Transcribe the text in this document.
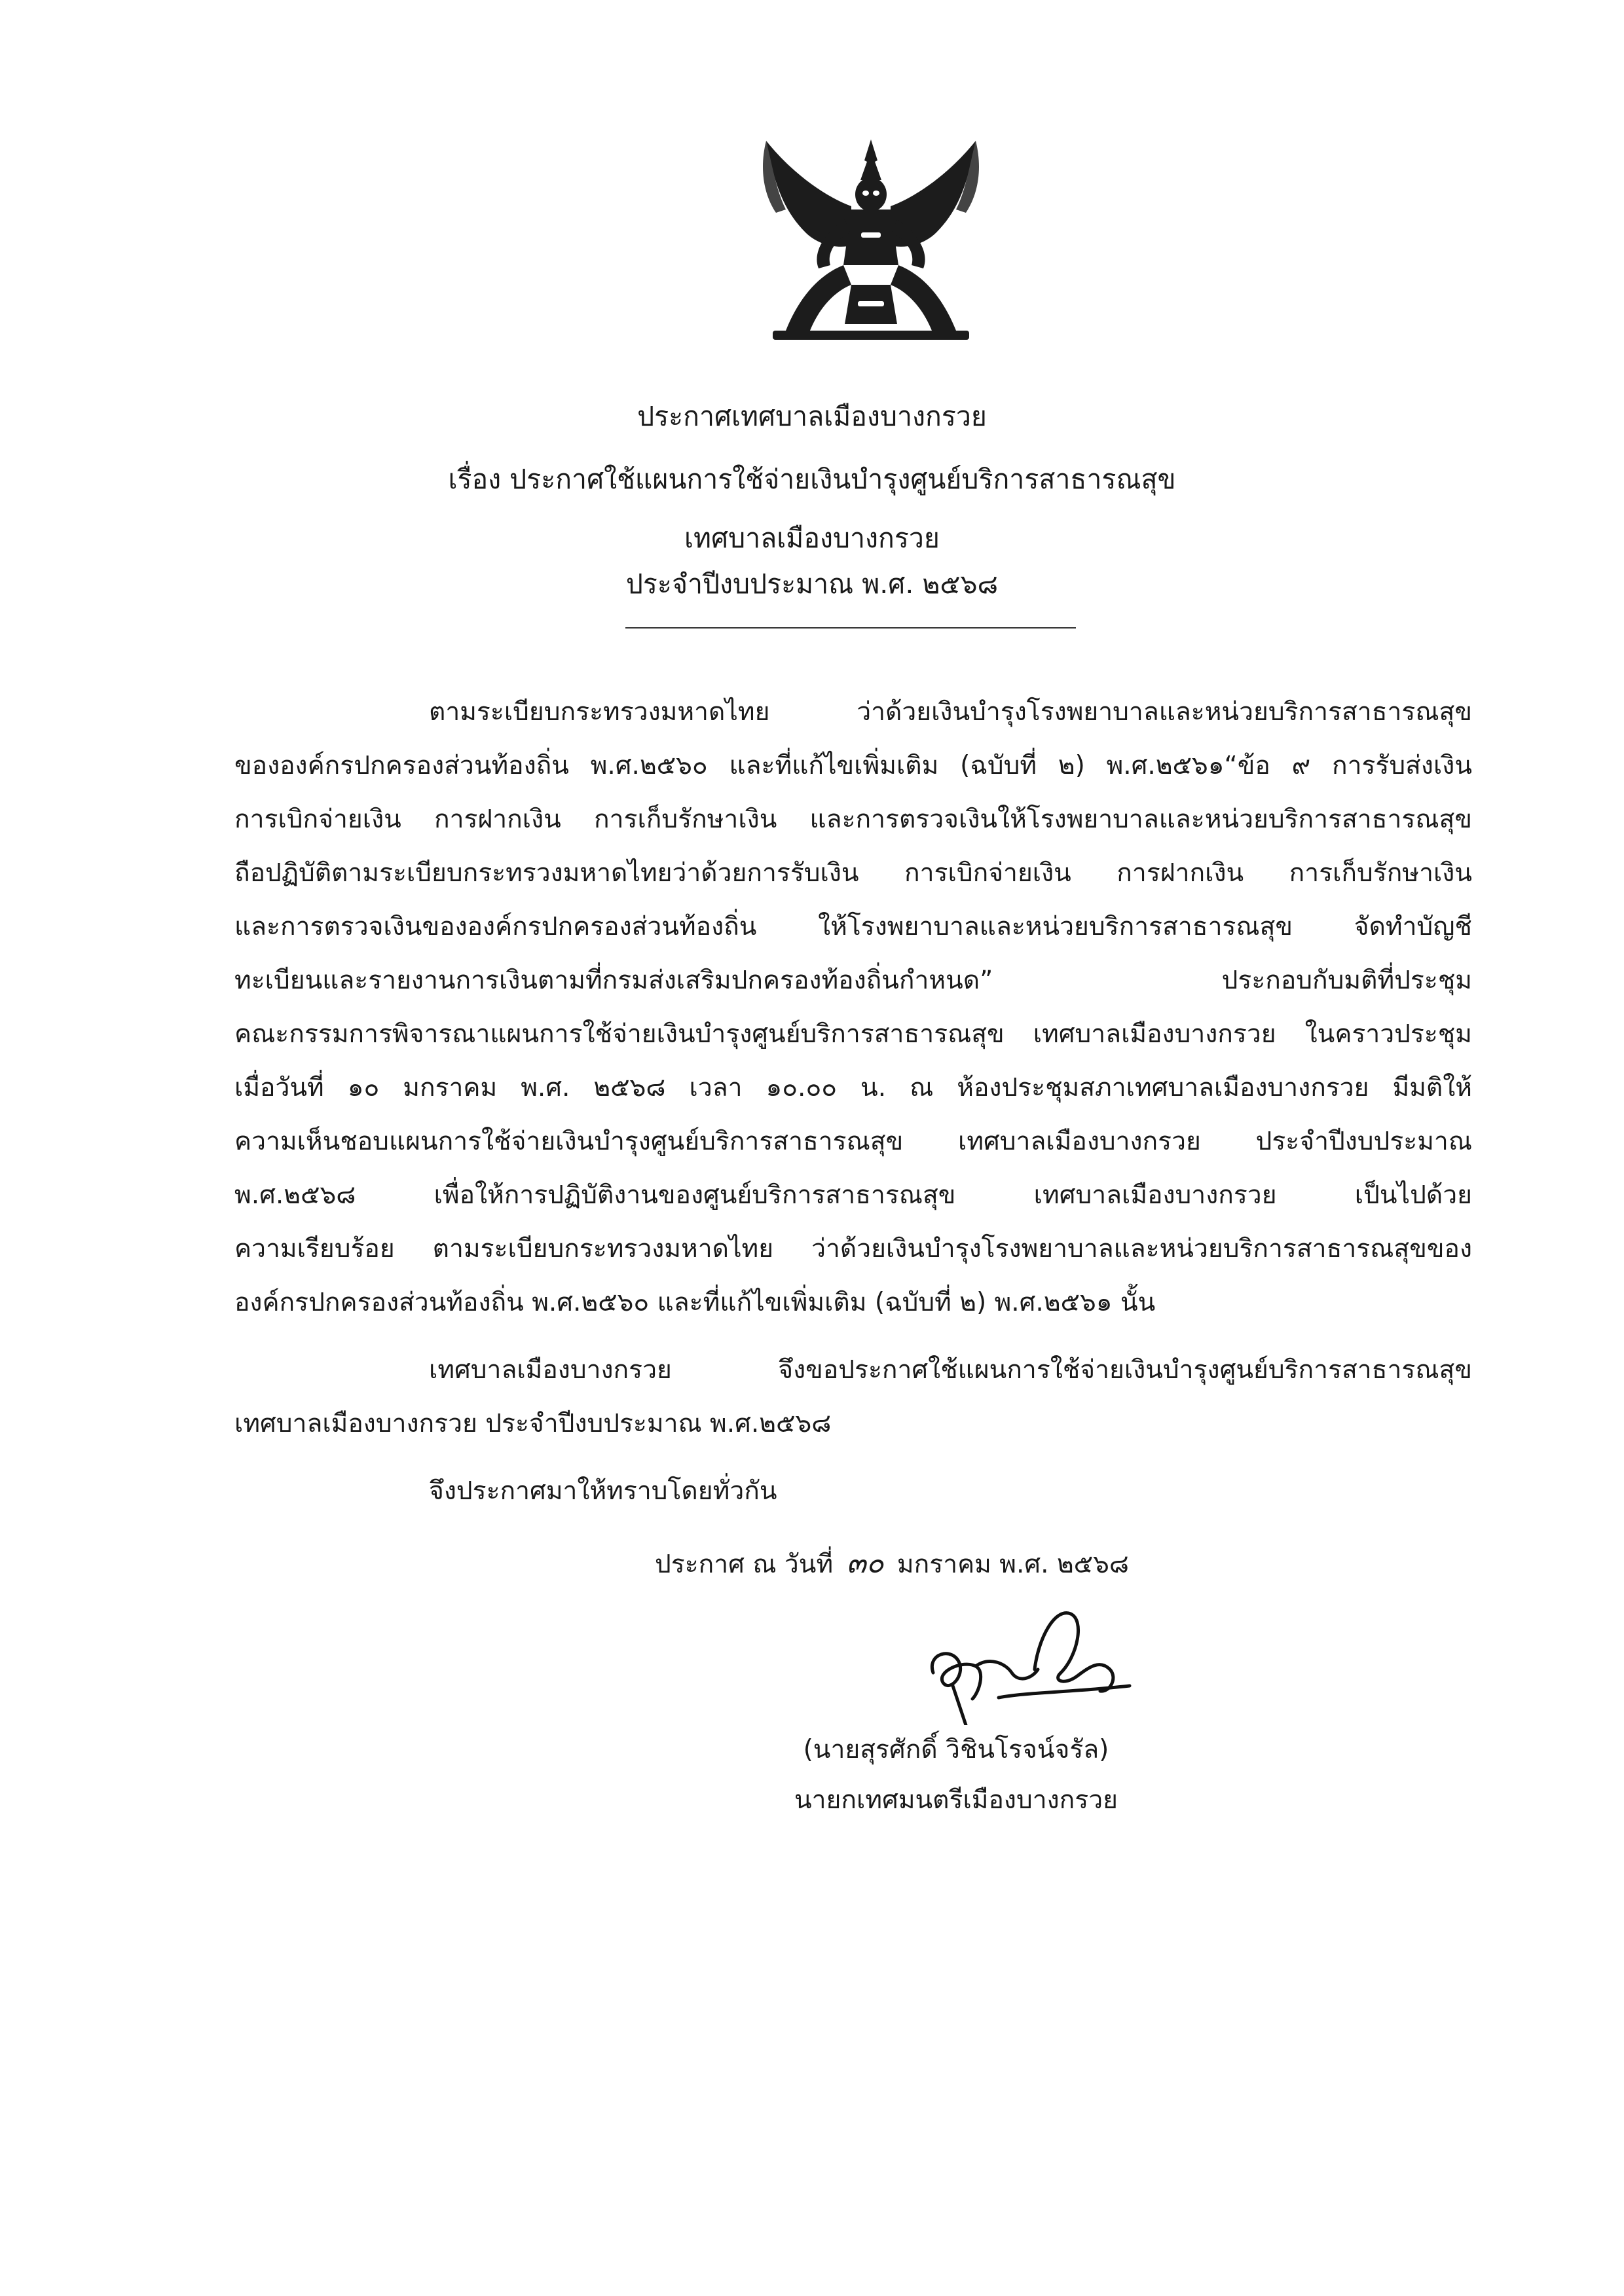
ประกาศเทศบาลเมืองบางกรวย
เรื่อง ประกาศใช้แผนการใช้จ่ายเงินบำรุงศูนย์บริการสาธารณสุข
เทศบาลเมืองบางกรวย
ประจำปีงบประมาณ พ.ศ. ๒๕๖๘
ตามระเบียบกระทรวงมหาดไทย ว่าด้วยเงินบำรุงโรงพยาบาลและหน่วยบริการสาธารณสุข
ขององค์กรปกครองส่วนท้องถิ่น พ.ศ.๒๕๖๐ และที่แก้ไขเพิ่มเติม (ฉบับที่ ๒) พ.ศ.๒๕๖๑“ข้อ ๙ การรับส่งเงิน
การเบิกจ่ายเงิน การฝากเงิน การเก็บรักษาเงิน และการตรวจเงินให้โรงพยาบาลและหน่วยบริการสาธารณสุข
ถือปฏิบัติตามระเบียบกระทรวงมหาดไทยว่าด้วยการรับเงิน การเบิกจ่ายเงิน การฝากเงิน การเก็บรักษาเงิน
และการตรวจเงินขององค์กรปกครองส่วนท้องถิ่น ให้โรงพยาบาลและหน่วยบริการสาธารณสุข จัดทำบัญชี
ทะเบียนและรายงานการเงินตามที่กรมส่งเสริมปกครองท้องถิ่นกำหนด” ประกอบกับมติที่ประชุม
คณะกรรมการพิจารณาแผนการใช้จ่ายเงินบำรุงศูนย์บริการสาธารณสุข เทศบาลเมืองบางกรวย ในคราวประชุม
เมื่อวันที่ ๑๐ มกราคม พ.ศ. ๒๕๖๘ เวลา ๑๐.๐๐ น. ณ ห้องประชุมสภาเทศบาลเมืองบางกรวย มีมติให้
ความเห็นชอบแผนการใช้จ่ายเงินบำรุงศูนย์บริการสาธารณสุข เทศบาลเมืองบางกรวย ประจำปีงบประมาณ
พ.ศ.๒๕๖๘ เพื่อให้การปฏิบัติงานของศูนย์บริการสาธารณสุข เทศบาลเมืองบางกรวย เป็นไปด้วย
ความเรียบร้อย ตามระเบียบกระทรวงมหาดไทย ว่าด้วยเงินบำรุงโรงพยาบาลและหน่วยบริการสาธารณสุขของ
องค์กรปกครองส่วนท้องถิ่น พ.ศ.๒๕๖๐ และที่แก้ไขเพิ่มเติม (ฉบับที่ ๒) พ.ศ.๒๕๖๑ นั้น
เทศบาลเมืองบางกรวย จึงขอประกาศใช้แผนการใช้จ่ายเงินบำรุงศูนย์บริการสาธารณสุข
เทศบาลเมืองบางกรวย ประจำปีงบประมาณ พ.ศ.๒๕๖๘
จึงประกาศมาให้ทราบโดยทั่วกัน
ประกาศ ณ วันที่ ๓๐ มกราคม พ.ศ. ๒๕๖๘
(นายสุรศักดิ์ วิชินโรจน์จรัล)
นายกเทศมนตรีเมืองบางกรวย
